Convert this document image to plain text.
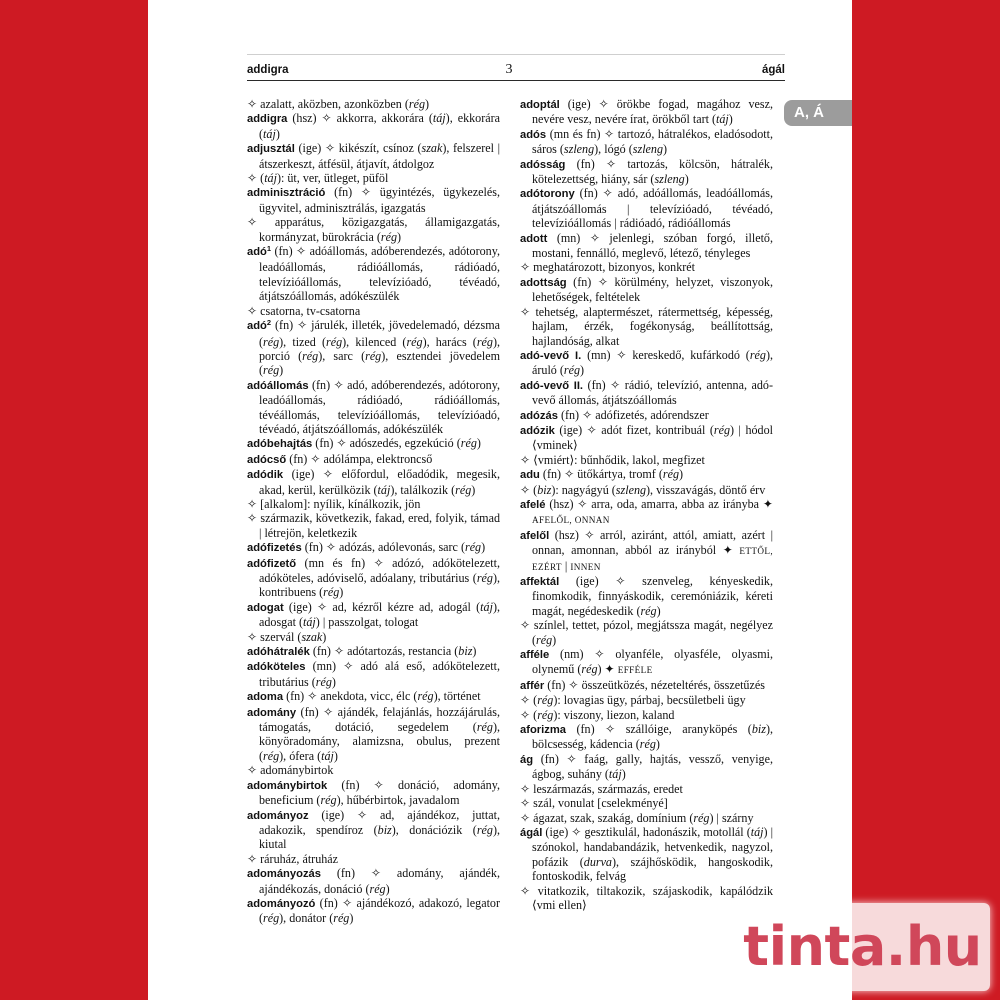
addigra	3	ágál
A, Á

✧ azalatt, aközben, azonközben (rég)

addigra (hsz) ✧ akkorra, akkorára (táj), ekkorára (táj)

adjusztál (ige) ✧ kikészít, csínoz (szak), felszerel | átszerkeszt, átfésül, átjavít, átdolgoz

✧ (táj): üt, ver, ütleget, püföl

adminisztráció (fn) ✧ ügyintézés, ügykezelés, ügyvitel, adminisztrálás, igazgatás

✧ apparátus, közigazgatás, államigazgatás, kormányzat, bürokrácia (rég)

adó$^1$ (fn) ✧ adóállomás, adóberendezés, adótorony, leadóállomás, rádióállomás, rádióadó, televízióállomás, televízióadó, tévéadó, átjátszóállomás, adókészülék

✧ csatorna, tv-csatorna

adó$^2$ (fn) ✧ járulék, illeték, jövedelemadó, dézsma (rég), tized (rég), kilenced (rég), harács (rég), porció (rég), sarc (rég), esztendei jövedelem (rég)

adóállomás (fn) ✧ adó, adóberendezés, adótorony, leadóállomás, rádióadó, rádióállomás, tévéállomás, televízióállomás, televízióadó, tévéadó, átjátszóállomás, adókészülék

adóbehajtás (fn) ✧ adószedés, egzekúció (rég)

adócső (fn) ✧ adólámpa, elektroncső

adódik (ige) ✧ előfordul, előadódik, megesik, akad, kerül, kerülközik (táj), találkozik (rég)

✧ [alkalom]: nyílik, kínálkozik, jön

✧ származik, következik, fakad, ered, folyik, támad | létrejön, keletkezik

adófizetés (fn) ✧ adózás, adólevonás, sarc (rég)

adófizető (mn és fn) ✧ adózó, adókötelezett, adóköteles, adóviselő, adóalany, tributárius (rég), kontribuens (rég)

adogat (ige) ✧ ad, kézről kézre ad, adogál (táj), adosgat (táj) | passzolgat, tologat

✧ szervál (szak)

adóhátralék (fn) ✧ adótartozás, restancia (biz)

adóköteles (mn) ✧ adó alá eső, adókötelezett, tributárius (rég)

adoma (fn) ✧ anekdota, vicc, élc (rég), történet

adomány (fn) ✧ ajándék, felajánlás, hozzájárulás, támogatás, dotáció, segedelem (rég), könyöradomány, alamizsna, obulus, prezent (rég), ófera (táj)

✧ adománybirtok

adománybirtok (fn) ✧ donáció, adomány, beneficium (rég), hűbérbirtok, javadalom

adományoz (ige) ✧ ad, ajándékoz, juttat, adakozik, spendíroz (biz), donációzik (rég), kiutal

✧ ráruház, átruház

adományozás (fn) ✧ adomány, ajándék, ajándékozás, donáció (rég)

adományozó (fn) ✧ ajándékozó, adakozó, legator (rég), donátor (rég)

adoptál (ige) ✧ örökbe fogad, magához vesz, nevére vesz, nevére írat, örökből tart (táj)

adós (mn és fn) ✧ tartozó, hátralékos, eladósodott, sáros (szleng), lógó (szleng)

adósság (fn) ✧ tartozás, kölcsön, hátralék, kötelezettség, hiány, sár (szleng)

adótorony (fn) ✧ adó, adóállomás, leadóállomás, átjátszóállomás | televízióadó, tévéadó, televízióállomás | rádióadó, rádióállomás

adott (mn) ✧ jelenlegi, szóban forgó, illető, mostani, fennálló, meglevő, létező, tényleges

✧ meghatározott, bizonyos, konkrét

adottság (fn) ✧ körülmény, helyzet, viszonyok, lehetőségek, feltételek

✧ tehetség, alaptermészet, rátermettség, képesség, hajlam, érzék, fogékonyság, beállítottság, hajlandóság, alkat

adó-vevő I. (mn) ✧ kereskedő, kufárkodó (rég), áruló (rég)

adó-vevő II. (fn) ✧ rádió, televízió, antenna, adó-vevő állomás, átjátszóállomás

adózás (fn) ✧ adófizetés, adórendszer

adózik (ige) ✧ adót fizet, kontribuál (rég) | hódol ⟨vminek⟩

✧ ⟨vmiért⟩: bűnhődik, lakol, megfizet

adu (fn) ✧ ütőkártya, tromf (rég)

✧ (biz): nagyágyú (szleng), visszavágás, döntő érv

afelé (hsz) ✧ arra, oda, amarra, abba az irányba ✦ AFELŐL, ONNAN

afelől (hsz) ✧ arról, aziránt, attól, amiatt, azért | onnan, amonnan, abból az irányból ✦ ETTŐL, EZÉRT | INNEN

affektál (ige) ✧ szenveleg, kényeskedik, finomkodik, finnyáskodik, ceremóniázik, kéreti magát, negédeskedik (rég)

✧ színlel, tettet, pózol, megjátssza magát, negélyez (rég)

afféle (nm) ✧ olyanféle, olyasféle, olyasmi, olynemű (rég) ✦ EFFÉLE

affér (fn) ✧ összeütközés, nézeteltérés, összetűzés

✧ (rég): lovagias ügy, párbaj, becsületbeli ügy

✧ (rég): viszony, liezon, kaland

aforizma (fn) ✧ szállóige, aranyköpés (biz), bölcsesség, kádencia (rég)

ág (fn) ✧ faág, gally, hajtás, vessző, venyige, ágbog, suhány (táj)

✧ leszármazás, származás, eredet

✧ szál, vonulat [cselekményé]

✧ ágazat, szak, szakág, domínium (rég) | szárny

ágál (ige) ✧ gesztikulál, hadonászik, motollál (táj) | szónokol, handabandázik, hetvenkedik, nagyzol, pofázik (durva), szájhősködik, hangoskodik, fontoskodik, felvág

✧ vitatkozik, tiltakozik, szájaskodik, kapálódzik ⟨vmi ellen⟩

tinta.hu
